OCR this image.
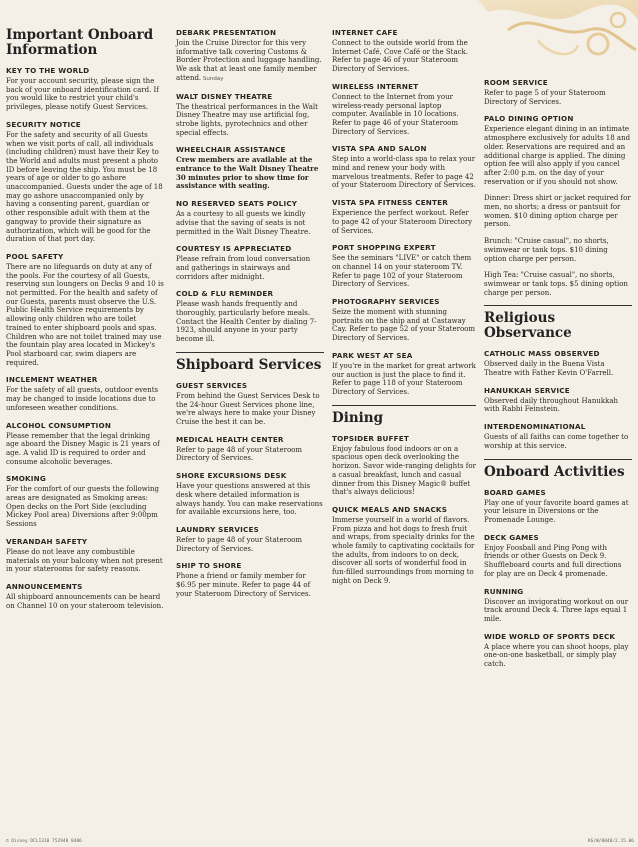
Important Onboard Information
KEY TO THE WORLD
For your account security, please sign the back of your onboard identification card. If you would like to restrict your child's privileges, please notify Guest Services.
SECURITY NOTICE
For the safety and security of all Guests when we visit ports of call, all individuals (including children) must have their Key to the World and adults must present a photo ID before leaving the ship. You must be 18 years of age or older to go ashore unaccompanied. Guests under the age of 18 may go ashore unaccompanied only by having a consenting parent, guardian or other responsible adult with them at the gangway to provide their signature as authorization, which will be good for the duration of that port day.
POOL SAFETY
There are no lifeguards on duty at any of the pools. For the courtesy of all Guests, reserving sun loungers on Decks 9 and 10 is not permitted. For the health and safety of our Guests, parents must observe the U.S. Public Health Service requirements by allowing only children who are toilet trained to enter shipboard pools and spas. Children who are not toilet trained may use the fountain play area located in Mickey's Pool starboard car, swim diapers are required.
INCLEMENT WEATHER
For the safety of all guests, outdoor events may be changed to inside locations due to unforeseen weather conditions.
ALCOHOL CONSUMPTION
Please remember that the legal drinking age aboard the Disney Magic is 21 years of age. A valid ID is required to order and consume alcoholic beverages.
SMOKING
For the comfort of our guests the following areas are designated as Smoking areas: Open decks on the Port Side (excluding Mickey Pool area) Diversions after 9:00pm Sessions
VERANDAH SAFETY
Please do not leave any combustible materials on your balcony when not present in your staterooms for safety reasons.
ANNOUNCEMENTS
All shipboard announcements can be heard on Channel 10 on your stateroom television.
DEBARK PRESENTATION
Join the Cruise Director for this very informative talk covering Customs & Border Protection and luggage handling. We ask that at least one family member attend. Sunday
WALT DISNEY THEATRE
The theatrical performances in the Walt Disney Theatre may use artificial fog, strobe lights, pyrotechnics and other special effects.
WHEELCHAIR ASSISTANCE
Crew members are available at the entrance to the Walt Disney Theatre 30 minutes prior to show time for assistance with seating.
NO RESERVED SEATS POLICY
As a courtesy to all guests we kindly advise that the saving of seats is not permitted in the Walt Disney Theatre.
COURTESY IS APPRECIATED
Please refrain from loud conversation and gatherings in stairways and corridors after midnight.
COLD & FLU REMINDER
Please wash hands frequently and thoroughly, particularly before meals. Contact the Health Center by dialing 7-1923, should anyone in your party become ill.
Shipboard Services
GUEST SERVICES
From behind the Guest Services Desk to the 24-hour Guest Services phone line, we're always here to make your Disney Cruise the best it can be.
MEDICAL HEALTH CENTER
Refer to page 48 of your Stateroom Directory of Services.
SHORE EXCURSIONS DESK
Have your questions answered at this desk where detailed information is always handy. You can make reservations for available excursions here, too.
LAUNDRY SERVICES
Refer to page 48 of your Stateroom Directory of Services.
SHIP TO SHORE
Phone a friend or family member for $6.95 per minute. Refer to page 44 of your Stateroom Directory of Services.
INTERNET CAFE
Connect to the outside world from the Internet Café, Cove Café or the Stack. Refer to page 46 of your Stateroom Directory of Services.
WIRELESS INTERNET
Connect to the Internet from your wireless-ready personal laptop computer. Available in 10 locations. Refer to page 46 of your Stateroom Directory of Services.
VISTA SPA AND SALON
Step into a world-class spa to relax your mind and renew your body with marvelous treatments. Refer to page 42 of your Stateroom Directory of Services.
VISTA SPA FITNESS CENTER
Experience the perfect workout. Refer to page 42 of your Stateroom Directory of Services.
PORT SHOPPING EXPERT
See the seminars "LIVE" or catch them on channel 14 on your stateroom TV. Refer to page 102 of your Stateroom Directory of Services.
PHOTOGRAPHY SERVICES
Seize the moment with stunning portraits on the ship and at Castaway Cay. Refer to page 52 of your Stateroom Directory of Services.
PARK WEST AT SEA
If you're in the market for great artwork our auction is just the place to find it. Refer to page 118 of your Stateroom Directory of Services.
Dining
TOPSIDER BUFFET
Enjoy fabulous food indoors or on a spacious open deck overlooking the horizon. Savor wide-ranging delights for a casual breakfast, lunch and casual dinner from this Disney Magic® buffet that's always delicious!
QUICK MEALS AND SNACKS
Immerse yourself in a world of flavors. From pizza and hot dogs to fresh fruit and wraps, from specialty drinks for the whole family to captivating cocktails for the adults, from indoors to on deck, discover all sorts of wonderful food in fun-filled surroundings from morning to night on Deck 9.
ROOM SERVICE
Refer to page 5 of your Stateroom Directory of Services.
PALO DINING OPTION
Experience elegant dining in an intimate atmosphere exclusively for adults 18 and older. Reservations are required and an additional charge is applied. The dining option fee will also apply if you cancel after 2:00 p.m. on the day of your reservation or if you should not show.
Dinner: Dress shirt or jacket required for men, no shorts; a dress or pantsuit for women. $10 dining option charge per person.
Brunch: "Cruise casual", no shorts, swimwear or tank tops. $10 dining option charge per person.
High Tea: "Cruise casual", no shorts, swimwear or tank tops. $5 dining option charge per person.
Religious Observance
CATHOLIC MASS OBSERVED
Observed daily in the Buena Vista Theatre with Father Kevin O'Farrell.
HANUKKAH SERVICE
Observed daily throughout Hanukkah with Rabbi Feinstein.
INTERDENOMINATIONAL
Guests of all faiths can come together to worship at this service.
Onboard Activities
BOARD GAMES
Play one of your favorite board games at your leisure in Diversions or the Promenade Lounge.
DECK GAMES
Enjoy Foosball and Ping Pong with friends or other Guests on Deck 9. Shuffleboard courts and full directions for play are on Deck 4 promenade.
RUNNING
Discover an invigorating workout on our track around Deck 4. Three laps equal 1 mile.
WIDE WORLD OF SPORTS DECK
A place where you can shoot hoops, play one-on-one basketball, or simply play catch.
© Disney DCL1310 752948 0406	KG/W/0048/2.15.06
